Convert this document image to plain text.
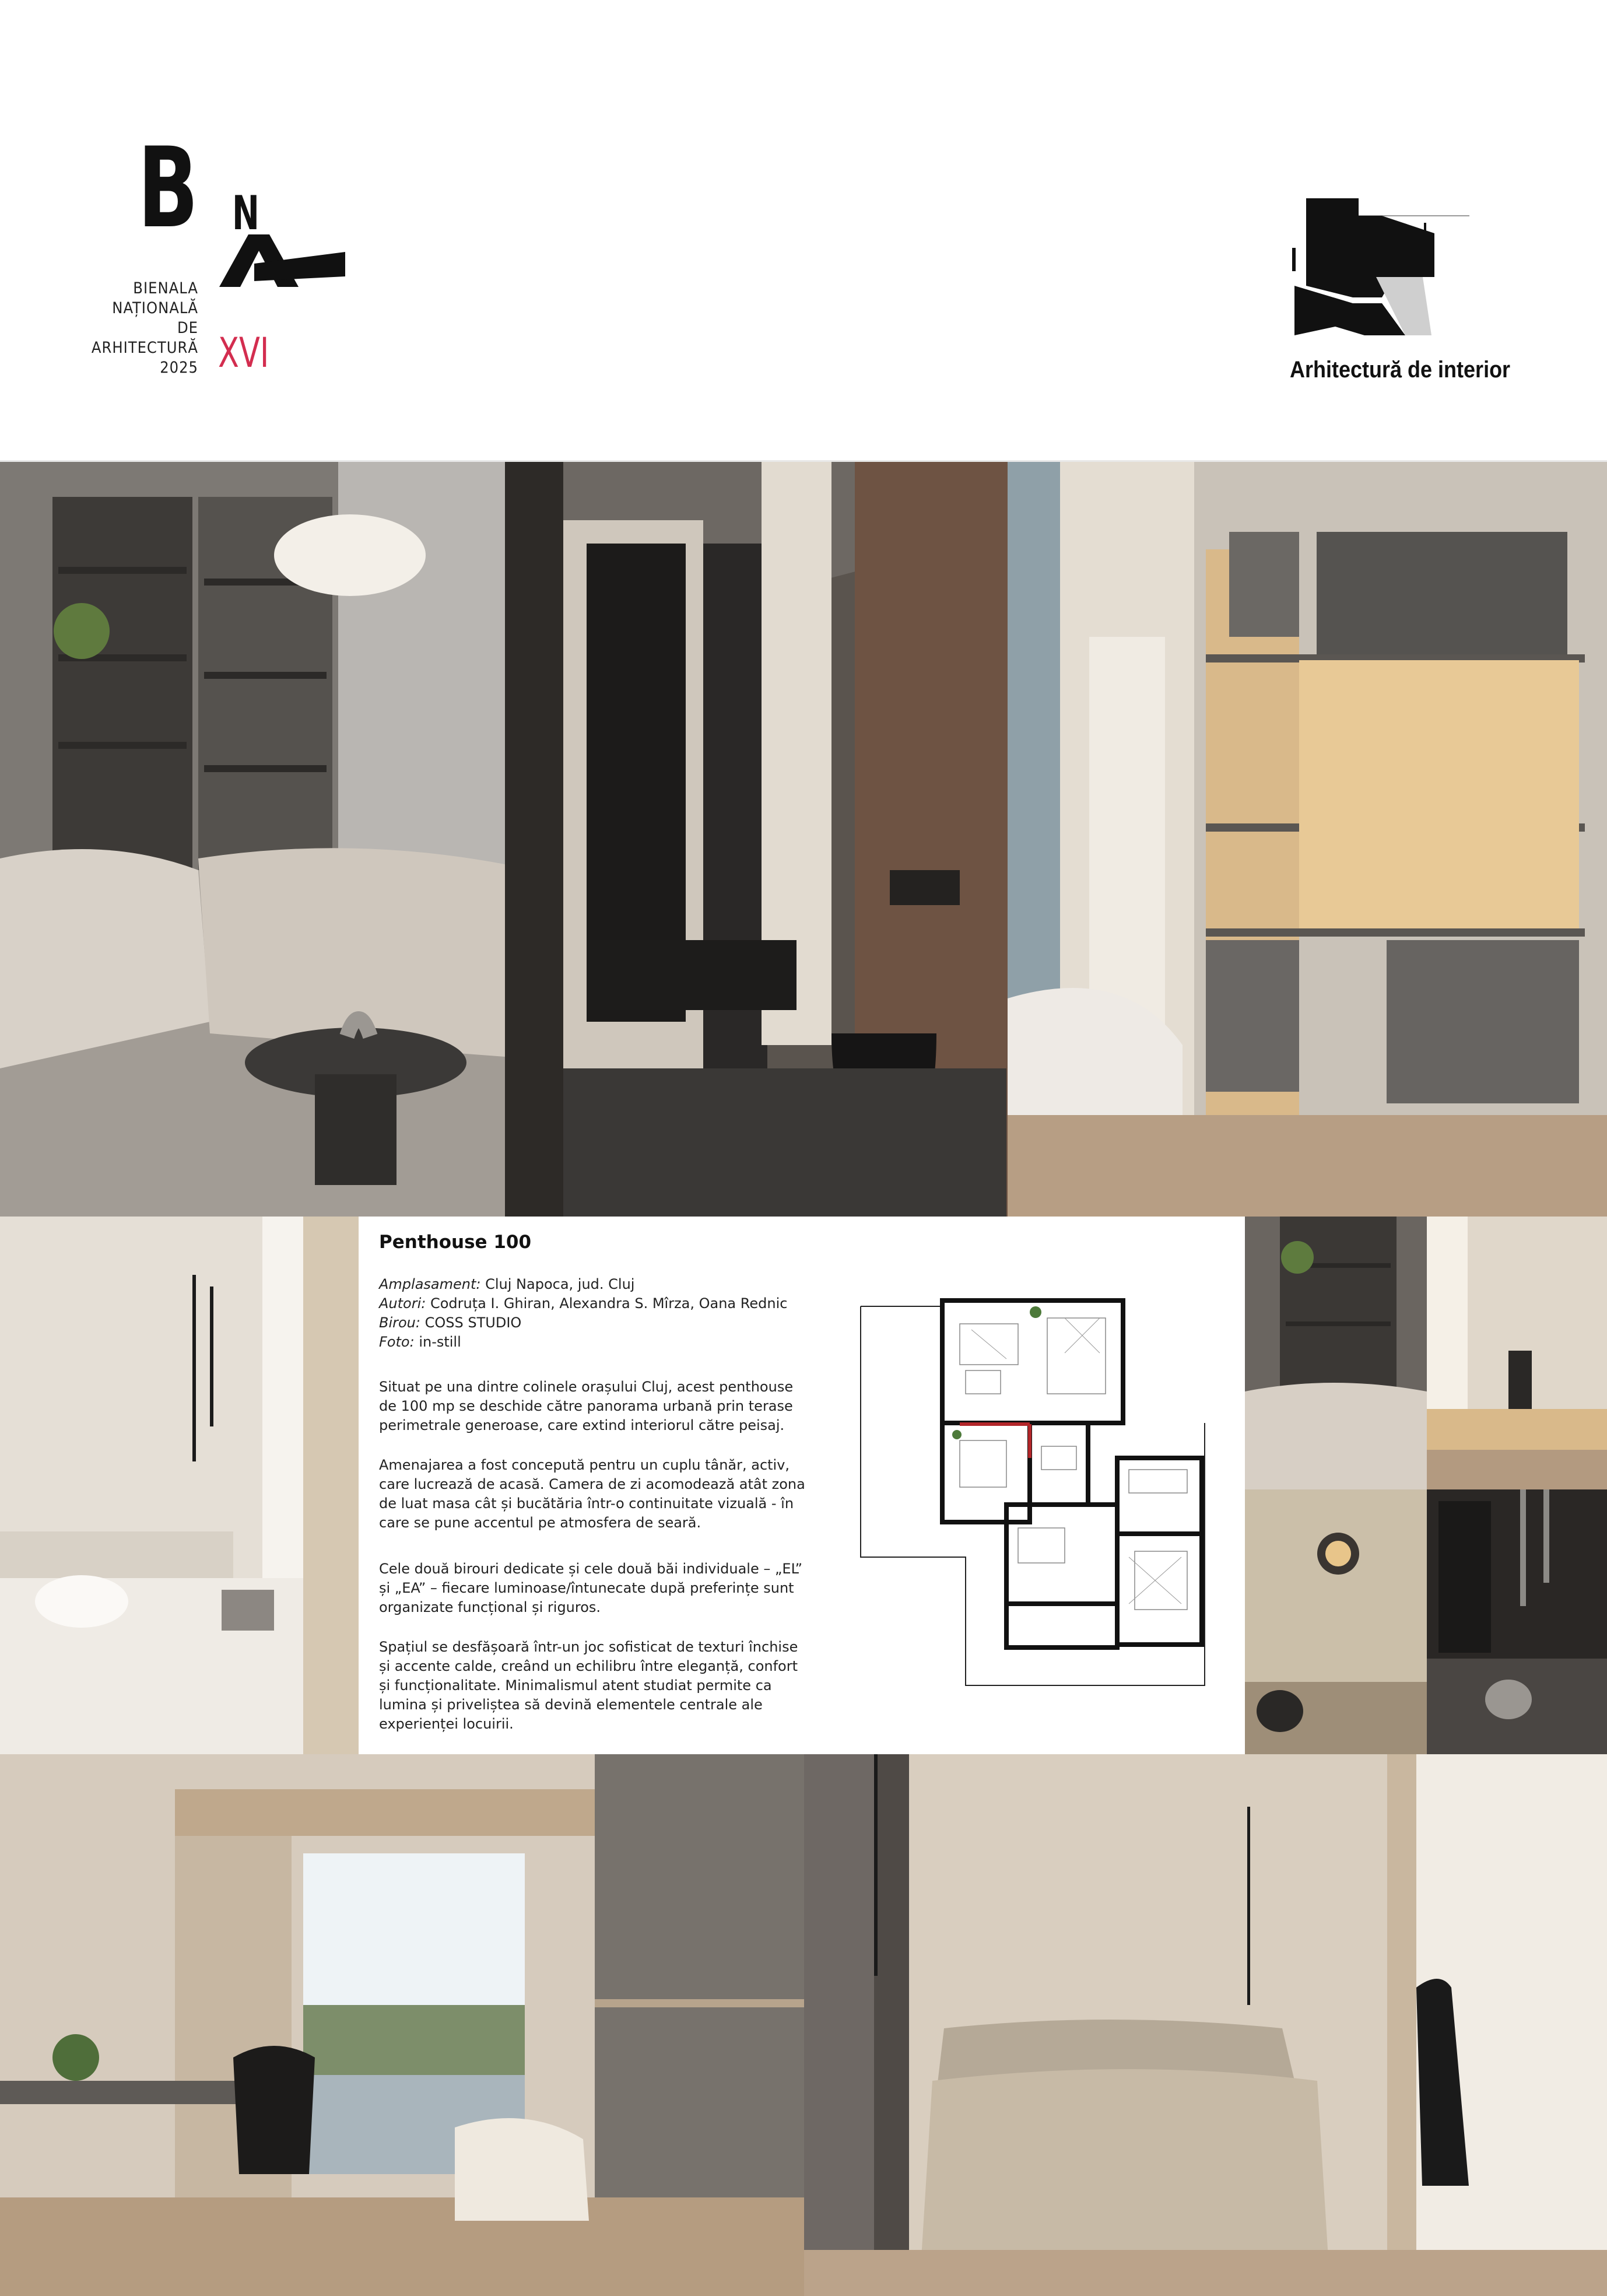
B N
BIENALA
NAȚIONALĂ
DE
ARHITECTURĂ
2025 XVI	Arhitectură de interior
Penthouse 100
Amplasament: Cluj Napoca, jud. Cluj
Autori: Codruța I. Ghiran, Alexandra S. Mîrza, Oana Rednic
Birou: COSS STUDIO
Foto: in-still
Situat pe una dintre colinele orașului Cluj, acest penthouse de 100 mp se deschide către panorama urbană prin terase perimetrale generoase, care extind interiorul către peisaj.
Amenajarea a fost concepută pentru un cuplu tânăr, activ, care lucrează de acasă. Camera de zi acomodează atât zona de luat masa cât și bucătăria într-o continuitate vizuală - în care se pune accentul pe atmosfera de seară.
Cele două birouri dedicate și cele două băi individuale – „EL” și „EA” – fiecare luminoase/întunecate după preferințe sunt organizate funcțional și riguros.
Spațiul se desfășoară într-un joc sofisticat de texturi închise și accente calde, creând un echilibru între eleganță, confort și funcționalitate. Minimalismul atent studiat permite ca lumina și priveliștea să devină elementele centrale ale experienței locuirii.
